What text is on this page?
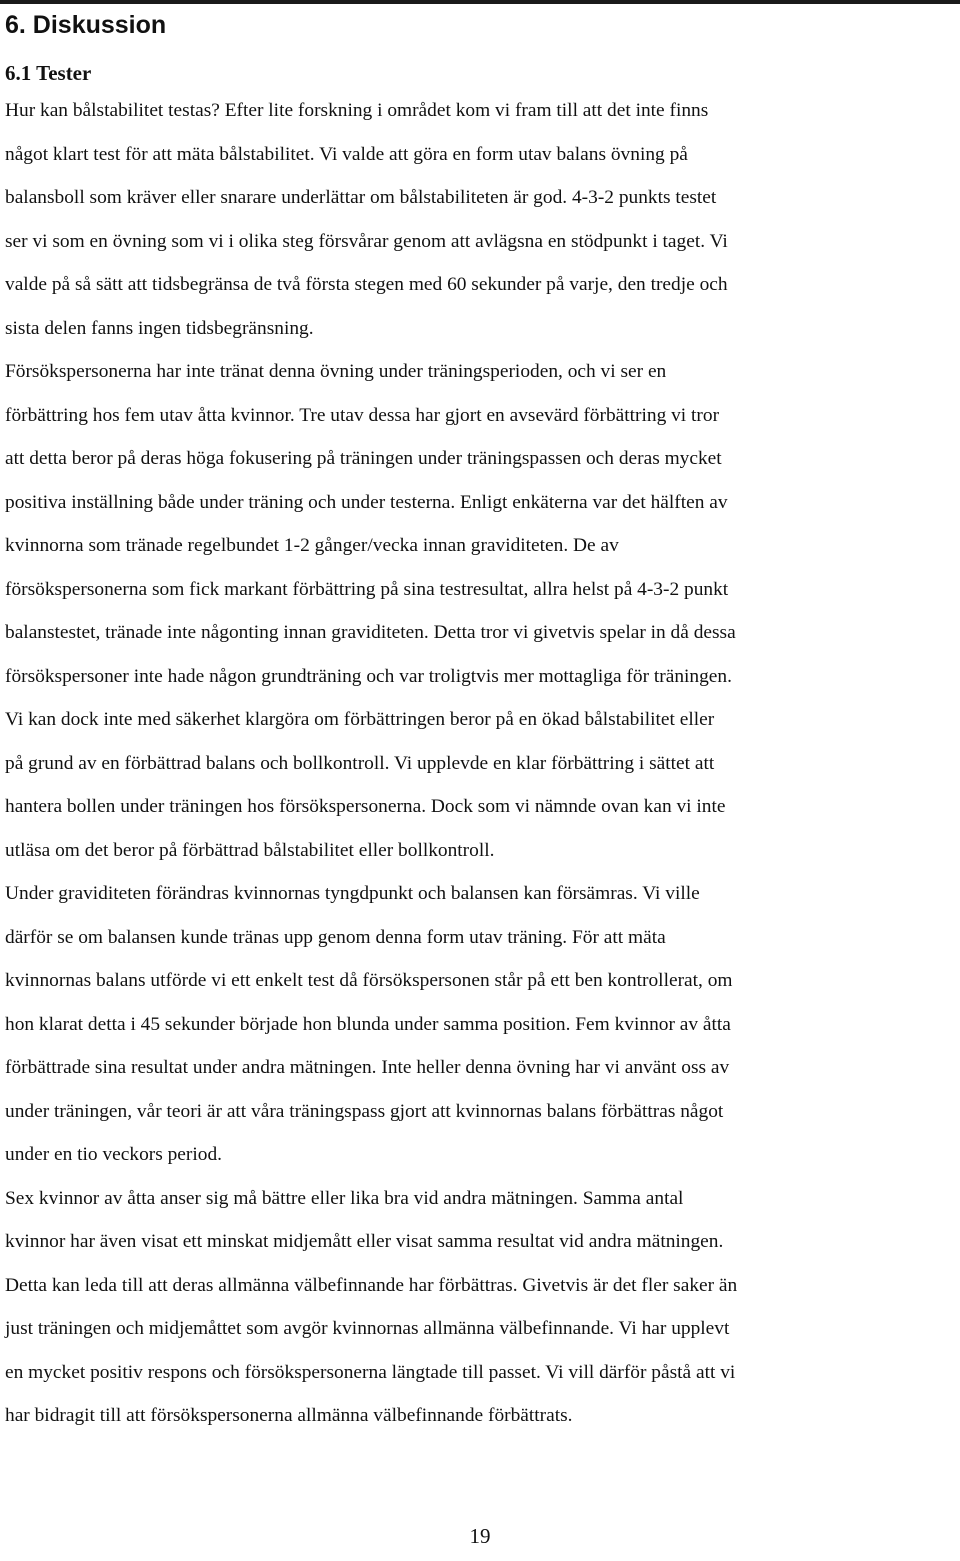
6. Diskussion
6.1 Tester

Hur kan bålstabilitet testas? Efter lite forskning i området kom vi fram till att det inte finns
något klart test för att mäta bålstabilitet. Vi valde att göra en form utav balans övning på
balansboll som kräver eller snarare underlättar om bålstabiliteten är god. 4-3-2 punkts testet
ser vi som en övning som vi i olika steg försvårar genom att avlägsna en stödpunkt i taget. Vi
valde på så sätt att tidsbegränsa de två första stegen med 60 sekunder på varje, den tredje och
sista delen fanns ingen tidsbegränsning.

Försökspersonerna har inte tränat denna övning under träningsperioden, och vi ser en
förbättring hos fem utav åtta kvinnor. Tre utav dessa har gjort en avsevärd förbättring vi tror
att detta beror på deras höga fokusering på träningen under träningspassen och deras mycket
positiva inställning både under träning och under testerna. Enligt enkäterna var det hälften av
kvinnorna som tränade regelbundet 1-2 gånger/vecka innan graviditeten. De av
försökspersonerna som fick markant förbättring på sina testresultat, allra helst på 4-3-2 punkt
balanstestet, tränade inte någonting innan graviditeten. Detta tror vi givetvis spelar in då dessa
försökspersoner inte hade någon grundträning och var troligtvis mer mottagliga för träningen.
Vi kan dock inte med säkerhet klargöra om förbättringen beror på en ökad bålstabilitet eller
på grund av en förbättrad balans och bollkontroll. Vi upplevde en klar förbättring i sättet att
hantera bollen under träningen hos försökspersonerna. Dock som vi nämnde ovan kan vi inte
utläsa om det beror på förbättrad bålstabilitet eller bollkontroll.

Under graviditeten förändras kvinnornas tyngdpunkt och balansen kan försämras. Vi ville
därför se om balansen kunde tränas upp genom denna form utav träning. För att mäta
kvinnornas balans utförde vi ett enkelt test då försökspersonen står på ett ben kontrollerat, om
hon klarat detta i 45 sekunder började hon blunda under samma position. Fem kvinnor av åtta
förbättrade sina resultat under andra mätningen. Inte heller denna övning har vi använt oss av
under träningen, vår teori är att våra träningspass gjort att kvinnornas balans förbättras något
under en tio veckors period.

Sex kvinnor av åtta anser sig må bättre eller lika bra vid andra mätningen. Samma antal
kvinnor har även visat ett minskat midjemått eller visat samma resultat vid andra mätningen.
Detta kan leda till att deras allmänna välbefinnande har förbättras. Givetvis är det fler saker än
just träningen och midjemåttet som avgör kvinnornas allmänna välbefinnande. Vi har upplevt
en mycket positiv respons och försökspersonerna längtade till passet. Vi vill därför påstå att vi
har bidragit till att försökspersonerna allmänna välbefinnande förbättrats.

19
